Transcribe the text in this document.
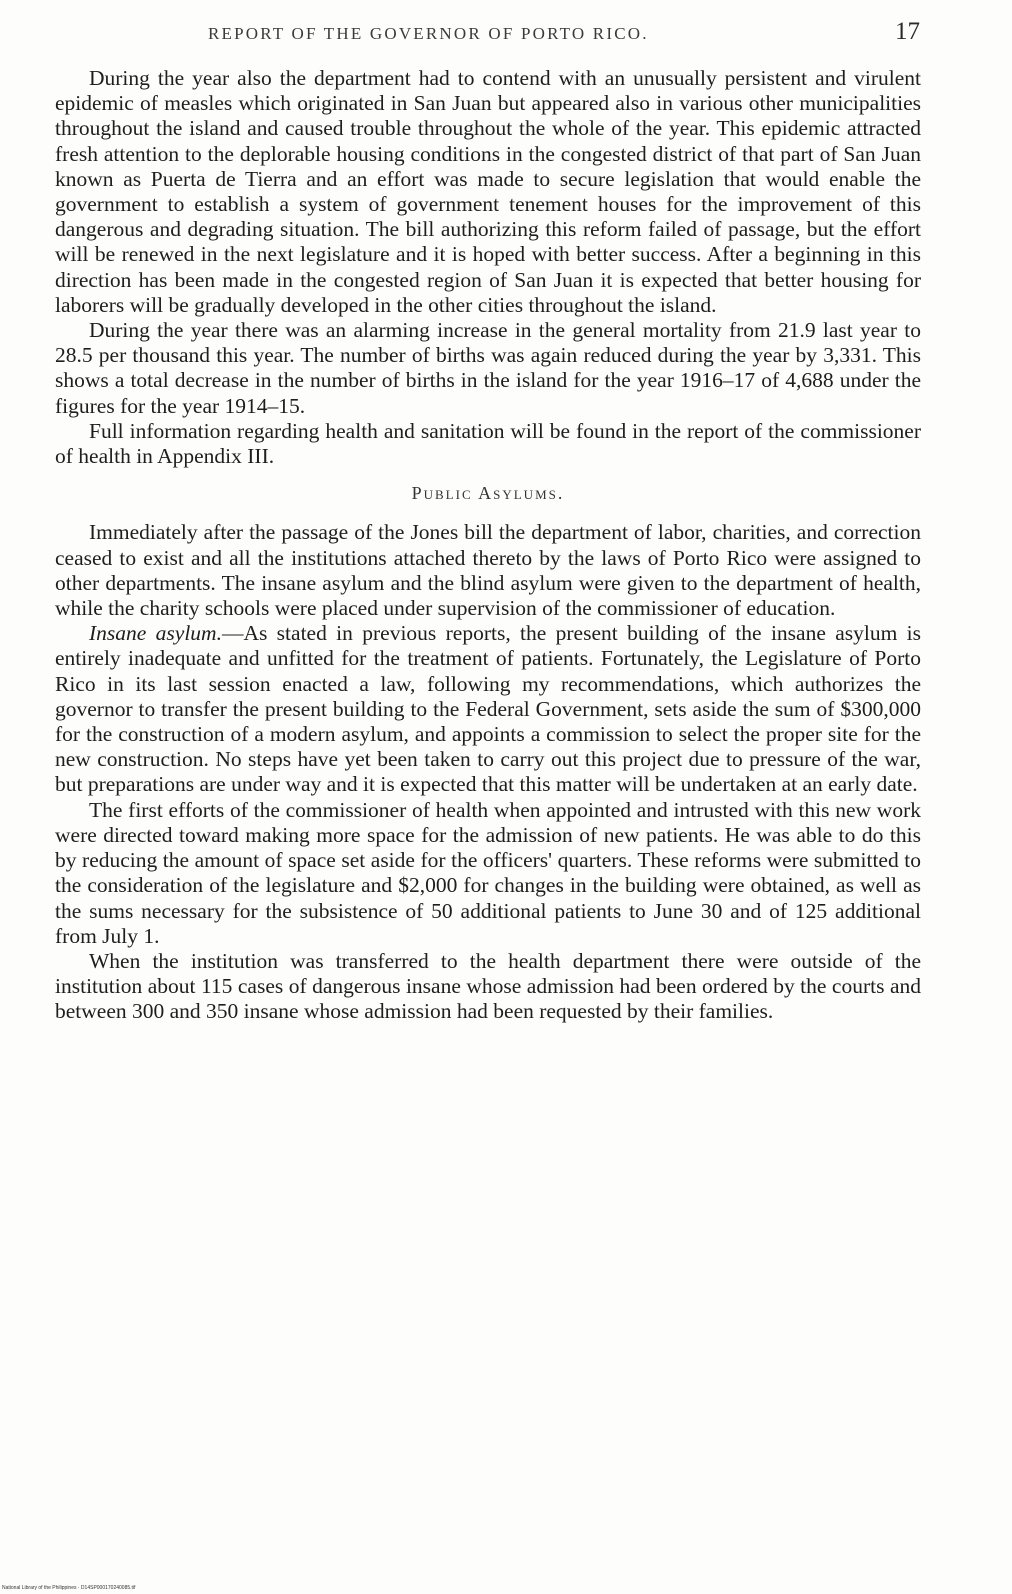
REPORT OF THE GOVERNOR OF PORTO RICO.	17

During the year also the department had to contend with an unusually persistent and virulent epidemic of measles which originated in San Juan but appeared also in various other municipalities throughout the island and caused trouble throughout the whole of the year. This epidemic attracted fresh attention to the deplorable housing conditions in the congested district of that part of San Juan known as Puerta de Tierra and an effort was made to secure legislation that would enable the government to establish a system of government tenement houses for the improvement of this dangerous and degrading situation. The bill authorizing this reform failed of passage, but the effort will be renewed in the next legislature and it is hoped with better success. After a beginning in this direction has been made in the congested region of San Juan it is expected that better housing for laborers will be gradually developed in the other cities throughout the island.

During the year there was an alarming increase in the general mortality from 21.9 last year to 28.5 per thousand this year. The number of births was again reduced during the year by 3,331. This shows a total decrease in the number of births in the island for the year 1916–17 of 4,688 under the figures for the year 1914–15.

Full information regarding health and sanitation will be found in the report of the commissioner of health in Appendix III.

Public Asylums.

Immediately after the passage of the Jones bill the department of labor, charities, and correction ceased to exist and all the institutions attached thereto by the laws of Porto Rico were assigned to other departments. The insane asylum and the blind asylum were given to the department of health, while the charity schools were placed under supervision of the commissioner of education.

Insane asylum.—As stated in previous reports, the present building of the insane asylum is entirely inadequate and unfitted for the treatment of patients. Fortunately, the Legislature of Porto Rico in its last session enacted a law, following my recommendations, which authorizes the governor to transfer the present building to the Federal Government, sets aside the sum of $300,000 for the construction of a modern asylum, and appoints a commission to select the proper site for the new construction. No steps have yet been taken to carry out this project due to pressure of the war, but preparations are under way and it is expected that this matter will be undertaken at an early date.

The first efforts of the commissioner of health when appointed and intrusted with this new work were directed toward making more space for the admission of new patients. He was able to do this by reducing the amount of space set aside for the officers' quarters. These reforms were submitted to the consideration of the legislature and $2,000 for changes in the building were obtained, as well as the sums necessary for the subsistence of 50 additional patients to June 30 and of 125 additional from July 1.

When the institution was transferred to the health department there were outside of the institution about 115 cases of dangerous insane whose admission had been ordered by the courts and between 300 and 350 insane whose admission had been requested by their families.

National Library of the Philippines · D14SP000170240085.tif
